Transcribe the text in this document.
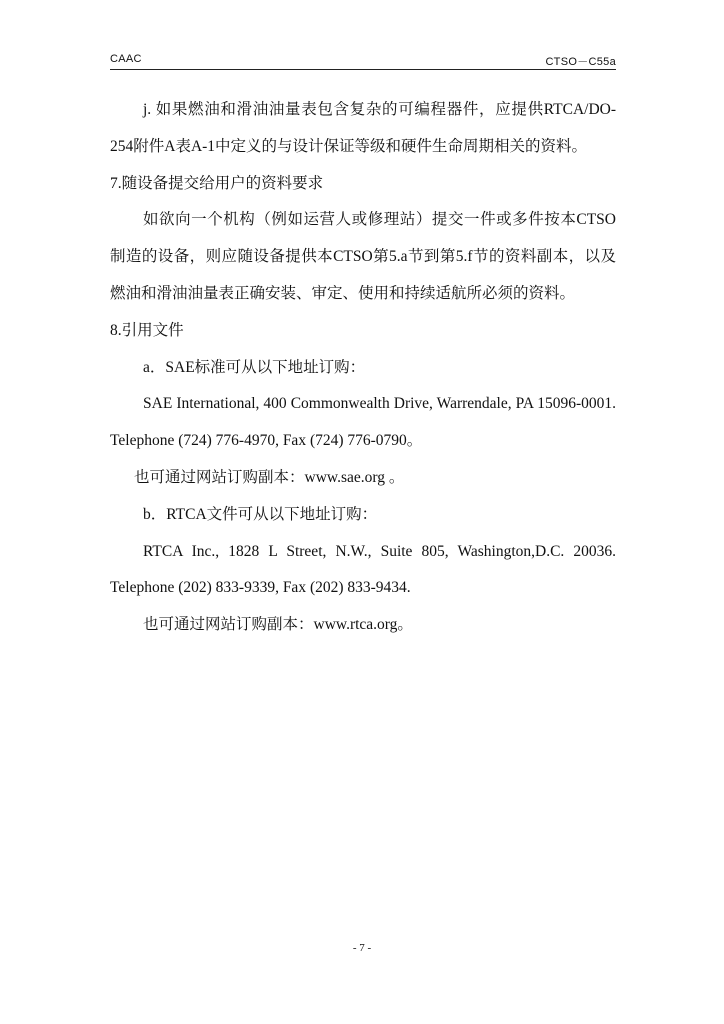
CAAC	CTSO－C55a

j. 如果燃油和滑油油量表包含复杂的可编程器件，应提供RTCA/DO-254附件A表A-1中定义的与设计保证等级和硬件生命周期相关的资料。

7.随设备提交给用户的资料要求

如欲向一个机构（例如运营人或修理站）提交一件或多件按本CTSO制造的设备，则应随设备提供本CTSO第5.a节到第5.f节的资料副本，以及燃油和滑油油量表正确安装、审定、使用和持续适航所必须的资料。

8.引用文件

a．SAE标准可从以下地址订购：

SAE International, 400 Commonwealth Drive, Warrendale, PA 15096-0001. Telephone (724) 776-4970, Fax (724) 776-0790。

也可通过网站订购副本：www.sae.org 。

b．RTCA文件可从以下地址订购：

RTCA Inc., 1828 L Street, N.W., Suite 805, Washington,D.C. 20036. Telephone (202) 833-9339, Fax (202) 833-9434.

也可通过网站订购副本：www.rtca.org。

- 7 -
